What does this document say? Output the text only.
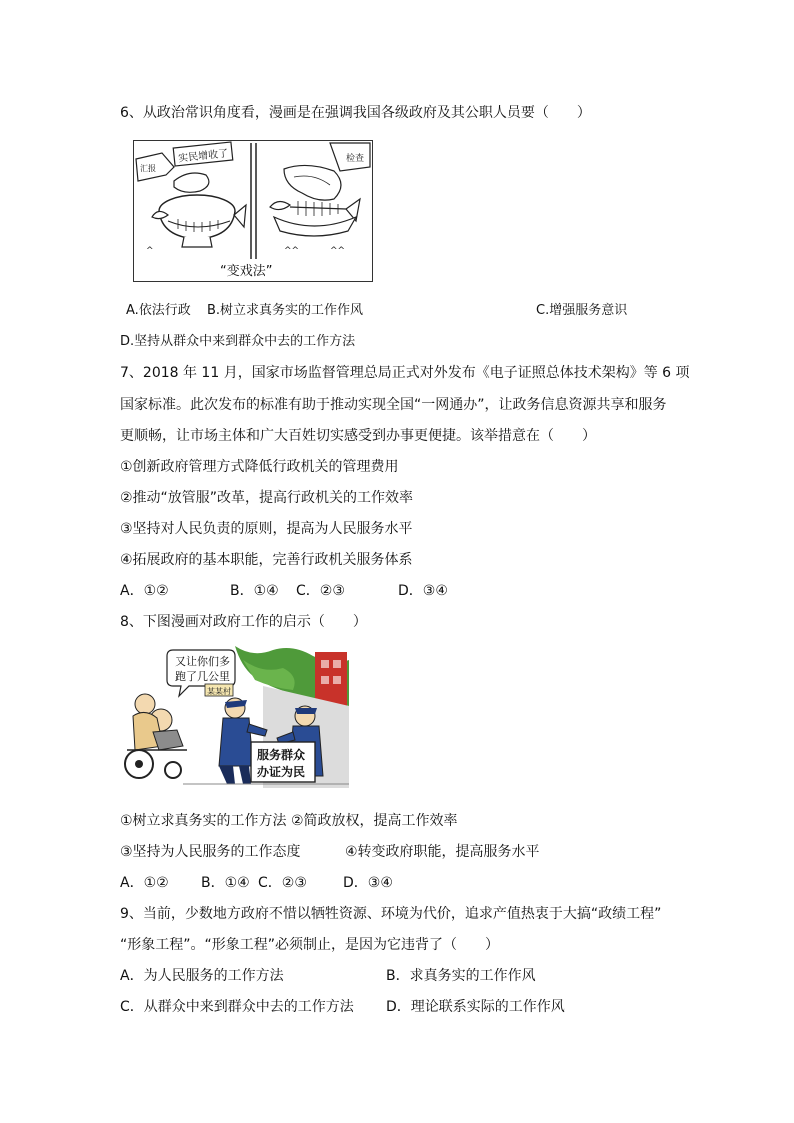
6、从政治常识角度看，漫画是在强调我国各级政府及其公职人员要（　　）
实民增收了
汇报
^
检查
^^	^^
“变戏法”
A.依法行政 B.树立求真务实的工作作风	C.增强服务意识
D.坚持从群众中来到群众中去的工作方法
7、2018 年 11 月，国家市场监督管理总局正式对外发布《电子证照总体技术架构》等 6 项
国家标准。此次发布的标准有助于推动实现全国“一网通办”，让政务信息资源共享和服务
更顺畅，让市场主体和广大百姓切实感受到办事更便捷。该举措意在（　　）
①创新政府管理方式降低行政机关的管理费用
②推动“放管服”改革，提高行政机关的工作效率
③坚持对人民负责的原则，提高为人民服务水平
④拓展政府的基本职能，完善行政机关服务体系
A．①②	B．①④ C．②③	D．③④
8、下图漫画对政府工作的启示（　　）
又让你们多
跑了几公里
某某村
服务群众
办证为民
①树立求真务实的工作方法 ②简政放权，提高工作效率
③坚持为人民服务的工作态度	④转变政府职能，提高服务水平
A．①② B．①④ C．②③	D．③④
9、当前，少数地方政府不惜以牺牲资源、环境为代价，追求产值热衷于大搞“政绩工程”
“形象工程”。“形象工程”必须制止，是因为它违背了（　　）
A．为人民服务的工作方法	B．求真务实的工作作风
C．从群众中来到群众中去的工作方法 D．理论联系实际的工作作风
